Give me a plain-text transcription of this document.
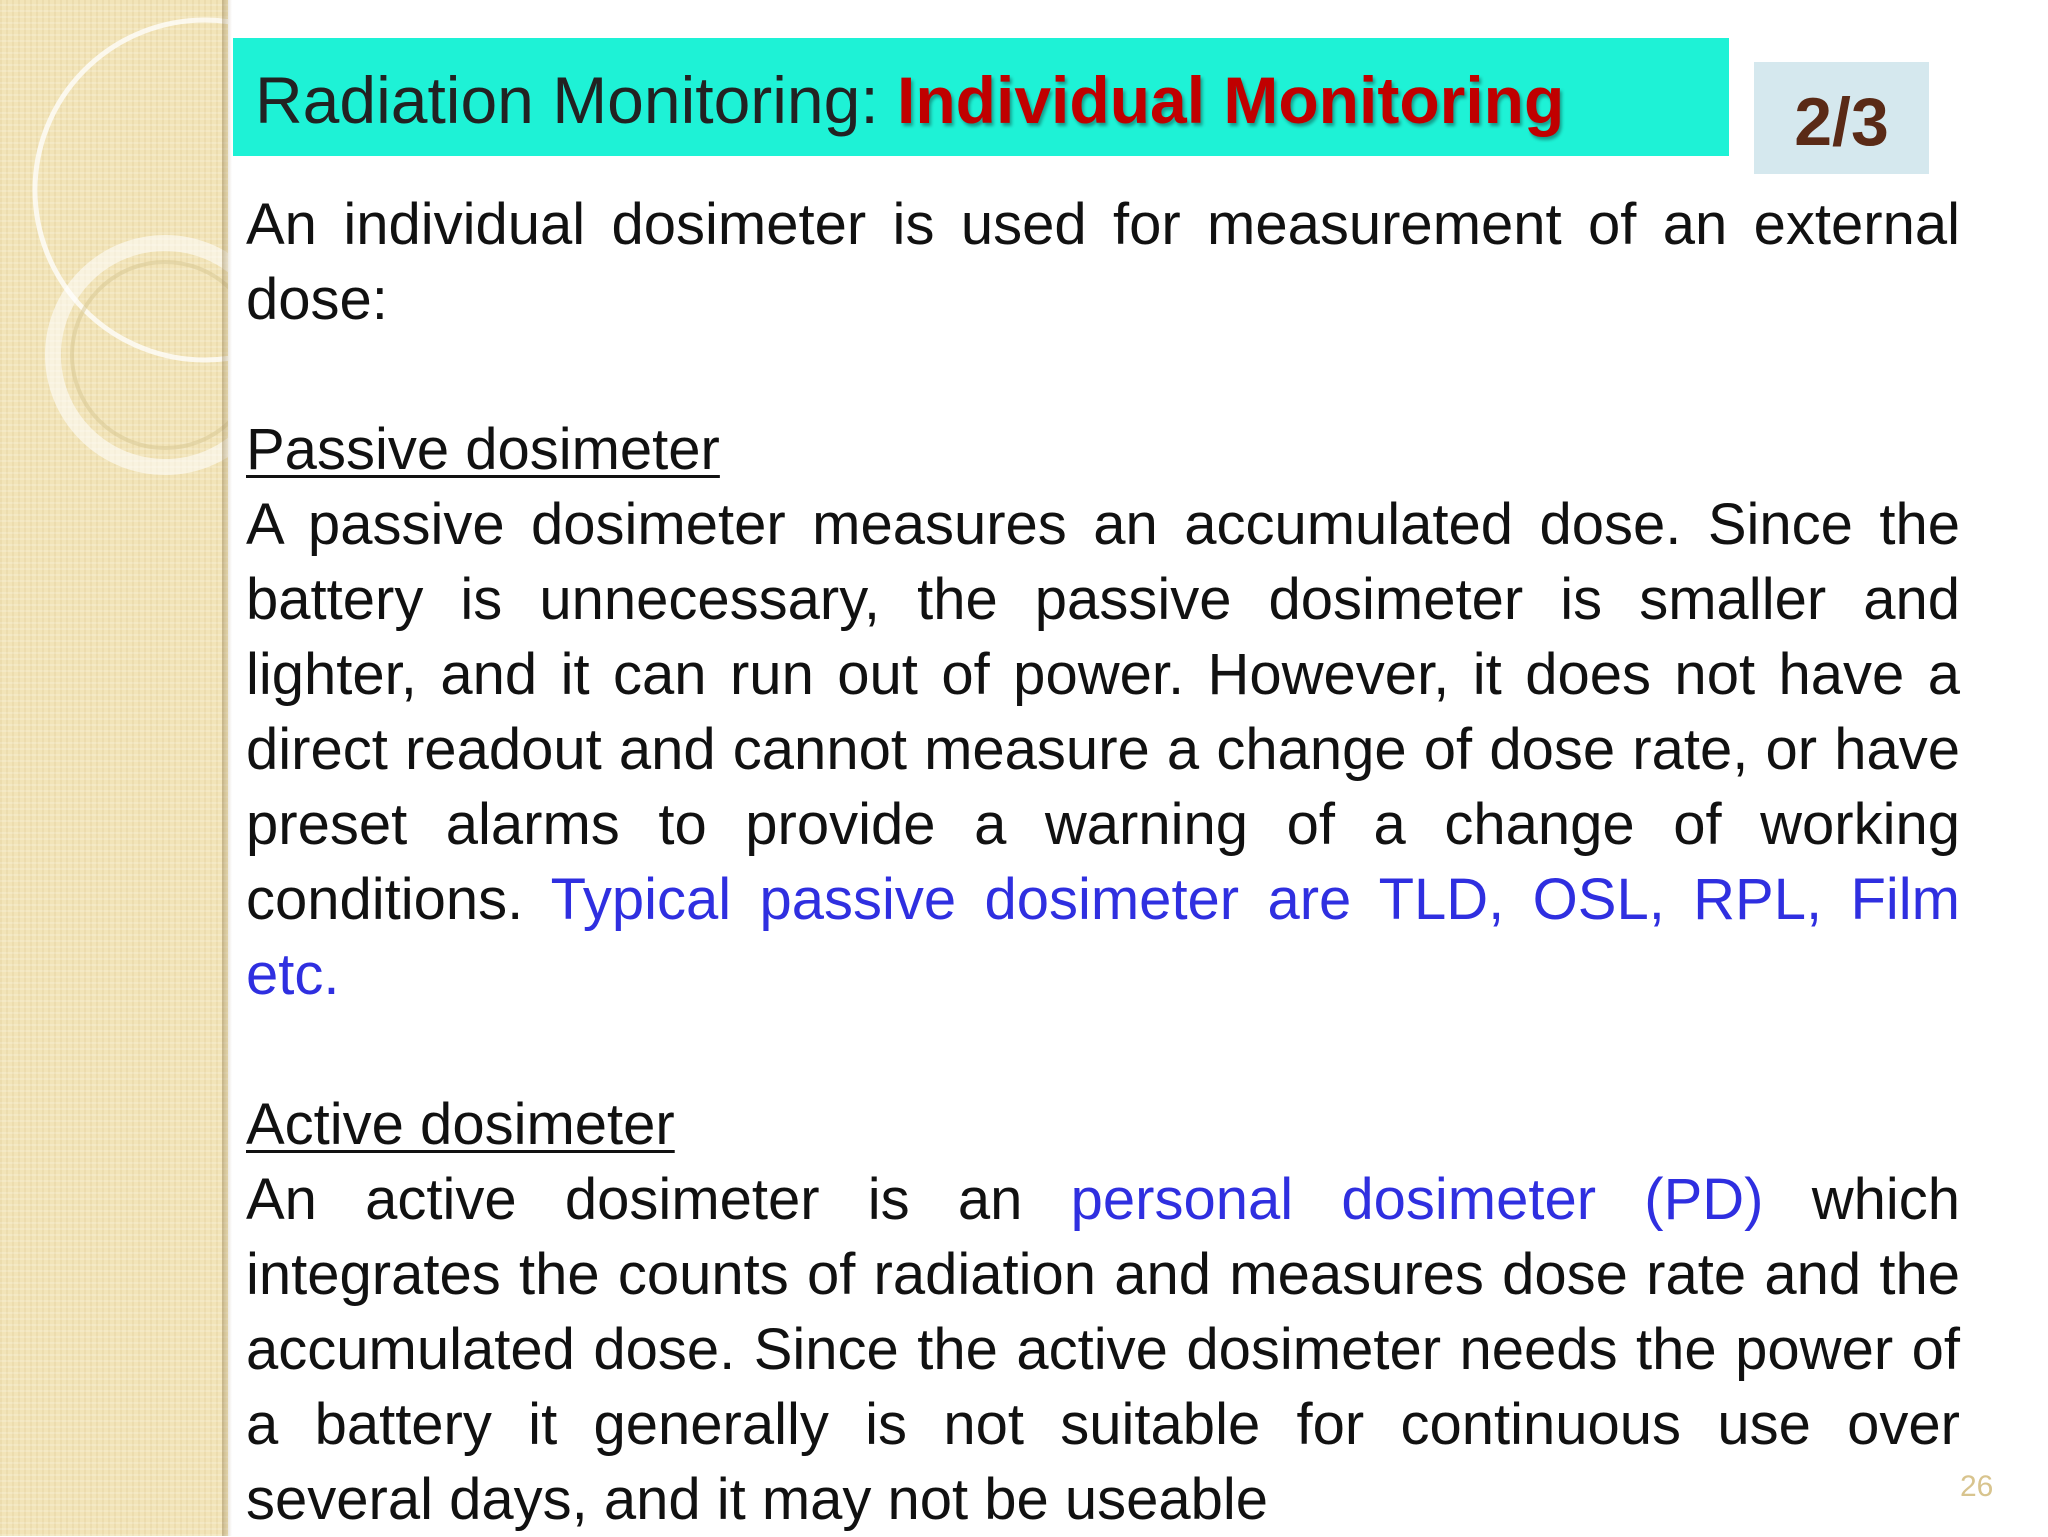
Radiation Monitoring: Individual Monitoring	2/3

An individual dosimeter is used for measurement of an external dose:

Passive dosimeter

A passive dosimeter measures an accumulated dose. Since the battery is unnecessary, the passive dosimeter is smaller and lighter, and it can run out of power. However, it does not have a direct readout and cannot measure a change of dose rate, or have preset alarms to provide a warning of a change of working conditions. Typical passive dosimeter are TLD, OSL, RPL, Film etc.

Active dosimeter

An active dosimeter is an personal dosimeter (PD) which integrates the counts of radiation and measures dose rate and the accumulated dose. Since the active dosimeter needs the power of a battery it generally is not suitable for continuous use over several days, and it may not be useable	26
